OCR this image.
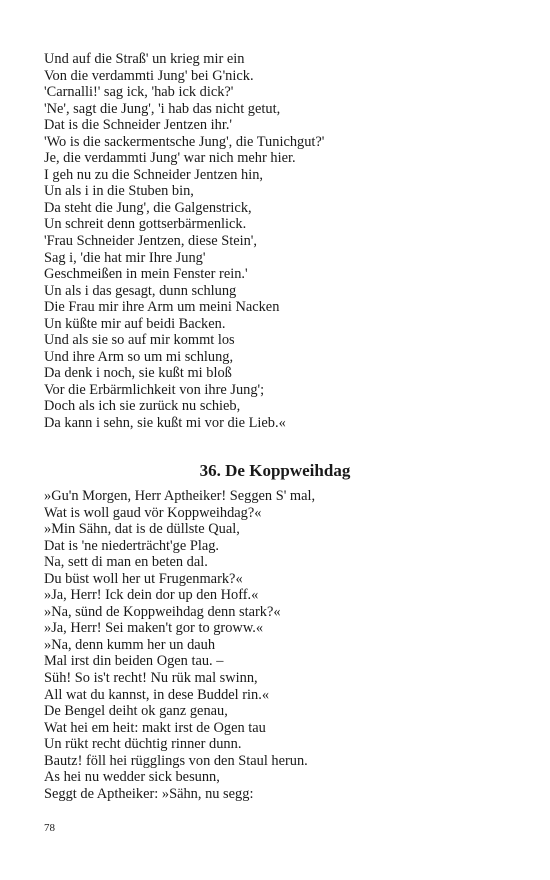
Und auf die Straß' un krieg mir ein
Von die verdammti Jung' bei G'nick.
'Carnalli!' sag ick, 'hab ick dick?'
'Ne', sagt die Jung', 'i hab das nicht getut,
Dat is die Schneider Jentzen ihr.'
'Wo is die sackermentsche Jung', die Tunichgut?'
Je, die verdammti Jung' war nich mehr hier.
I geh nu zu die Schneider Jentzen hin,
Un als i in die Stuben bin,
Da steht die Jung', die Galgenstrick,
Un schreit denn gottserbärmenlick.
'Frau Schneider Jentzen, diese Stein',
Sag i, 'die hat mir Ihre Jung'
Geschmeißen in mein Fenster rein.'
Un als i das gesagt, dunn schlung
Die Frau mir ihre Arm um meini Nacken
Un küßte mir auf beidi Backen.
Und als sie so auf mir kommt los
Und ihre Arm so um mi schlung,
Da denk i noch, sie kußt mi bloß
Vor die Erbärmlichkeit von ihre Jung';
Doch als ich sie zurück nu schieb,
Da kann i sehn, sie kußt mi vor die Lieb.«
36. De Koppweihdag
»Gu'n Morgen, Herr Aptheiker! Seggen S' mal,
Wat is woll gaud vör Koppweihdag?«
»Min Sähn, dat is de düllste Qual,
Dat is 'ne niederträcht'ge Plag.
Na, sett di man en beten dal.
Du büst woll her ut Frugenmark?«
»Ja, Herr! Ick dein dor up den Hoff.«
»Na, sünd de Koppweihdag denn stark?«
»Ja, Herr! Sei maken't gor to groww.«
»Na, denn kumm her un dauh
Mal irst din beiden Ogen tau. –
Süh! So is't recht! Nu rük mal swinn,
All wat du kannst, in dese Buddel rin.«
De Bengel deiht ok ganz genau,
Wat hei em heit: makt irst de Ogen tau
Un rükt recht düchtig rinner dunn.
Bautz! föll hei rügglings von den Staul herun.
As hei nu wedder sick besunn,
Seggt de Aptheiker: »Sähn, nu segg:
78
